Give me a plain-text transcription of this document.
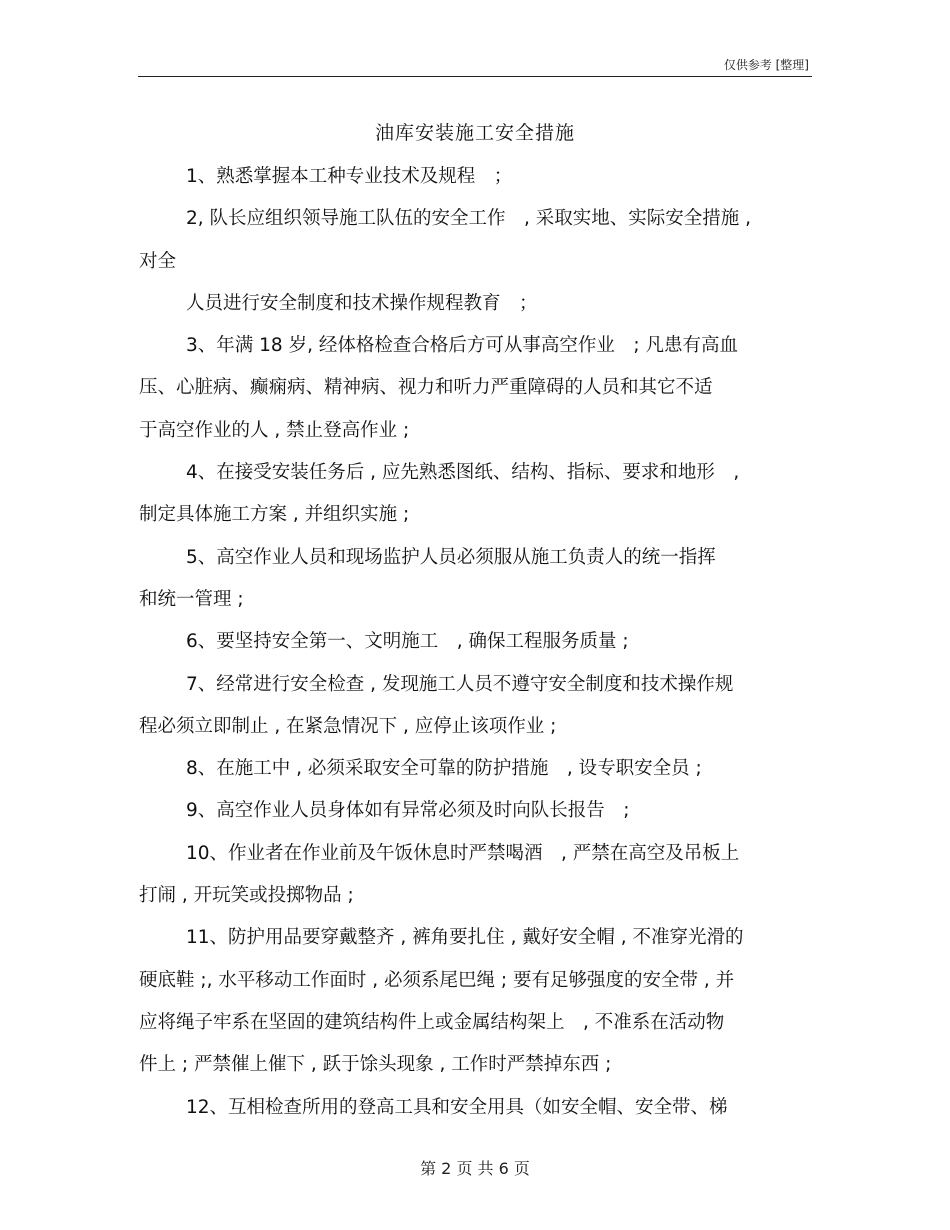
仅供参考 [整理]
油库安装施工安全措施
1、熟悉掌握本工种专业技术及规程　；
2, 队长应组织领导施工队伍的安全工作　, 采取实地、实际安全措施 ,
对全
人员进行安全制度和技术操作规程教育　；
3、年满 18 岁, 经体格检查合格后方可从事高空作业　; 凡患有高血
压、心脏病、癫痫病、精神病、视力和听力严重障碍的人员和其它不适
于高空作业的人 , 禁止登高作业 ;
4、在接受安装任务后 , 应先熟悉图纸、结构、指标、要求和地形　,
制定具体施工方案 , 并组织实施 ;
5、高空作业人员和现场监护人员必须服从施工负责人的统一指挥
和统一管理 ;
6、要坚持安全第一、文明施工　, 确保工程服务质量 ;
7、经常进行安全检查 , 发现施工人员不遵守安全制度和技术操作规
程必须立即制止 , 在紧急情况下 , 应停止该项作业 ;
8、在施工中 , 必须采取安全可靠的防护措施　, 设专职安全员 ;
9、高空作业人员身体如有异常必须及时向队长报告　;
10、作业者在作业前及午饭休息时严禁喝酒　, 严禁在高空及吊板上
打闹 , 开玩笑或投掷物品 ;
11、防护用品要穿戴整齐 , 裤角要扎住 , 戴好安全帽 , 不准穿光滑的
硬底鞋 ;, 水平移动工作面时 , 必须系尾巴绳 ; 要有足够强度的安全带 , 并
应将绳子牢系在坚固的建筑结构件上或金属结构架上　, 不准系在活动物
件上 ; 严禁催上催下 , 跃于馀头现象 , 工作时严禁掉东西 ;
12、互相检查所用的登高工具和安全用具（如安全帽、安全带、梯
第 2 页 共 6 页
